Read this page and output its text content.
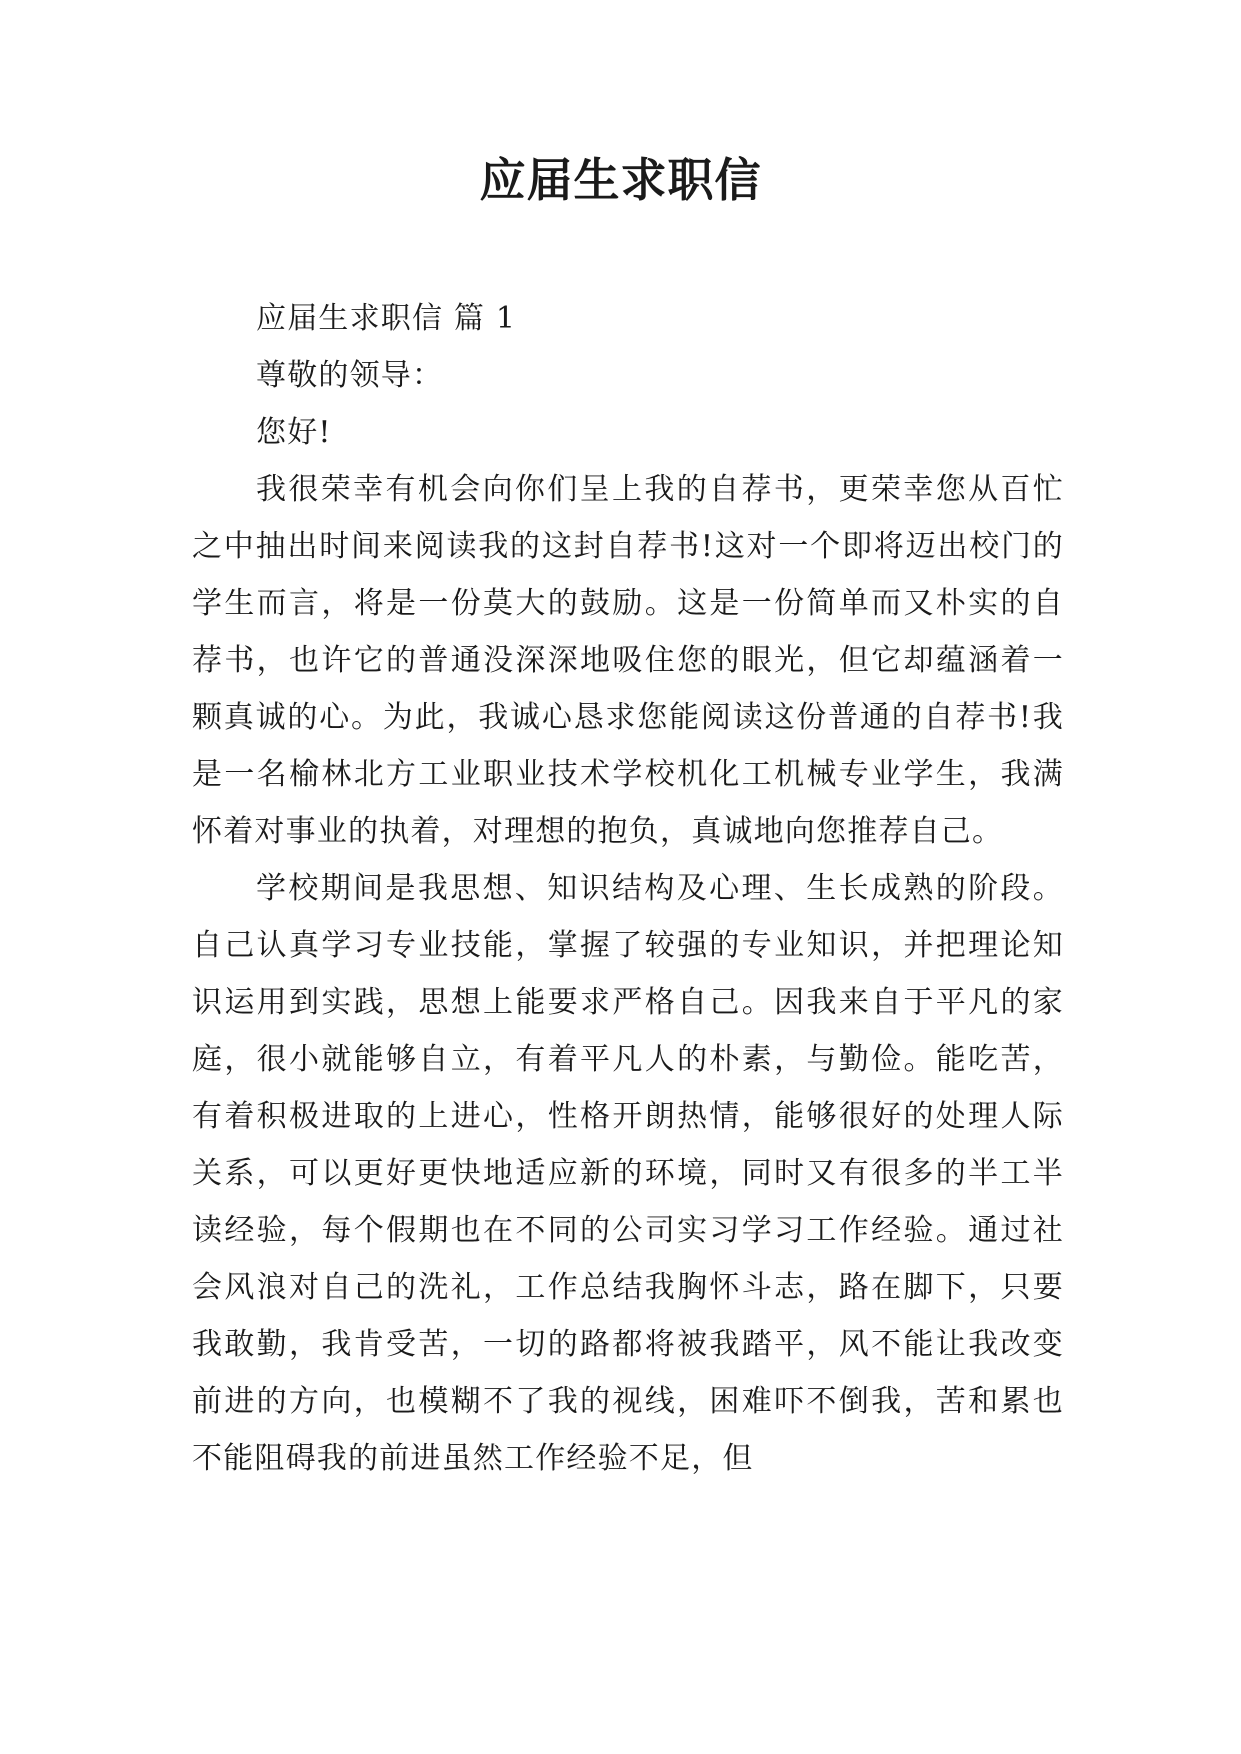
应届生求职信

应届生求职信 篇 1

尊敬的领导：

您好!

我很荣幸有机会向你们呈上我的自荐书，更荣幸您从百忙之中抽出时间来阅读我的这封自荐书!这对一个即将迈出校门的学生而言，将是一份莫大的鼓励。这是一份简单而又朴实的自荐书，也许它的普通没深深地吸住您的眼光，但它却蕴涵着一颗真诚的心。为此，我诚心恳求您能阅读这份普通的自荐书!我是一名榆林北方工业职业技术学校机化工机械专业学生，我满怀着对事业的执着，对理想的抱负，真诚地向您推荐自己。

学校期间是我思想、知识结构及心理、生长成熟的阶段。自己认真学习专业技能，掌握了较强的专业知识，并把理论知识运用到实践，思想上能要求严格自己。因我来自于平凡的家庭，很小就能够自立，有着平凡人的朴素，与勤俭。能吃苦，有着积极进取的上进心，性格开朗热情，能够很好的处理人际关系，可以更好更快地适应新的环境，同时又有很多的半工半读经验，每个假期也在不同的公司实习学习工作经验。通过社会风浪对自己的洗礼，工作总结我胸怀斗志，路在脚下，只要我敢勤，我肯受苦，一切的路都将被我踏平，风不能让我改变前进的方向，也模糊不了我的视线，困难吓不倒我，苦和累也不能阻碍我的前进虽然工作经验不足，但
